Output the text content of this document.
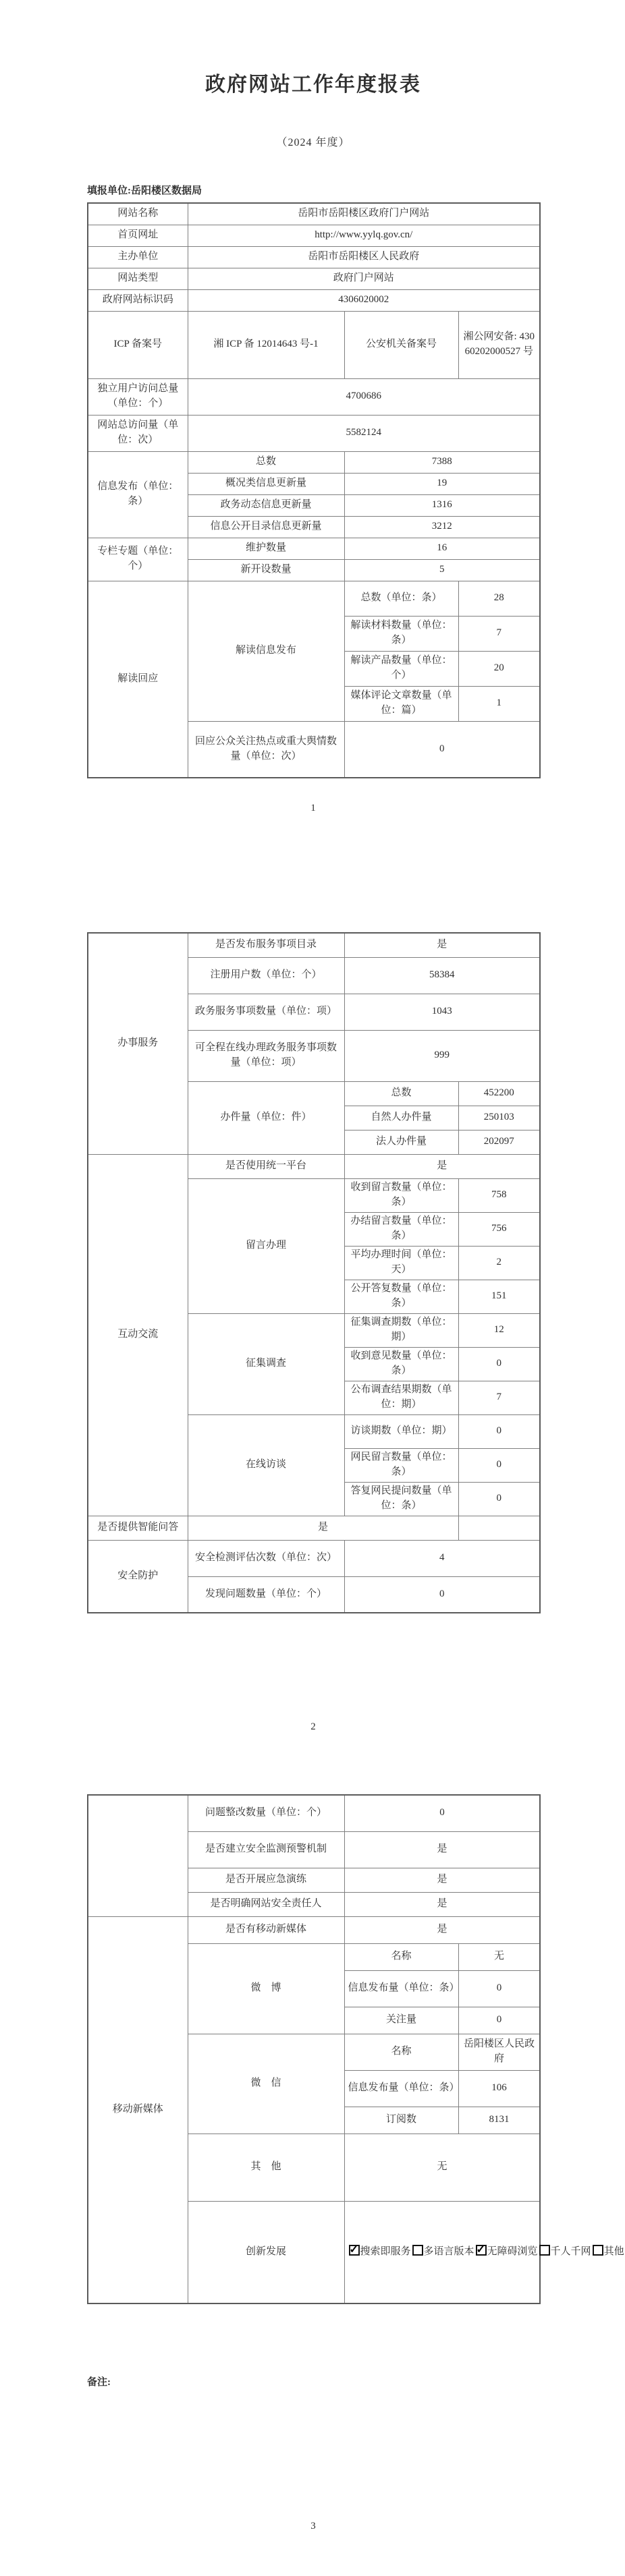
政府网站工作年度报表
（2024 年度）
填报单位:岳阳楼区数据局
网站名称	岳阳市岳阳楼区政府门户网站		
首页网址	http://www.yylq.gov.cn/		
主办单位	岳阳市岳阳楼区人民政府		
网站类型	政府门户网站		
政府网站标识码	4306020002		
ICP 备案号	湘 ICP 备 12014643 号-1	公安机关备案号	湘公网安备: 43060202000527 号
独立用户访问总量（单位：个）	4700686		
网站总访问量（单位：次）	5582124		
信息发布（单位：条）	总数	7388	
	概况类信息更新量	19	
	政务动态信息更新量	1316	
	信息公开目录信息更新量	3212	
专栏专题（单位：个）	维护数量	16	
	新开设数量	5	
解读回应	解读信息发布	总数（单位：条）	28
		解读材料数量（单位：条）	7
		解读产品数量（单位：个）	20
		媒体评论文章数量（单位：篇）	1
	回应公众关注热点或重大舆情数量（单位：次）	0	
1
办事服务	是否发布服务事项目录	是	
	注册用户数（单位：个）	58384	
	政务服务事项数量（单位：项）	1043	
	可全程在线办理政务服务事项数量（单位：项）	999	
	办件量（单位：件）	总数	452200
		自然人办件量	250103
		法人办件量	202097
互动交流	是否使用统一平台	是	
	留言办理	收到留言数量（单位：条）	758
		办结留言数量（单位：条）	756
		平均办理时间（单位：天）	2
		公开答复数量（单位：条）	151
	征集调查	征集调查期数（单位：期）	12
		收到意见数量（单位：条）	0
		公布调查结果期数（单位：期）	7
	在线访谈	访谈期数（单位：期）	0
		网民留言数量（单位：条）	0
		答复网民提问数量（单位：条）	0
是否提供智能问答	是		
安全防护	安全检测评估次数（单位：次）	4	
	发现问题数量（单位：个）	0	
2
	问题整改数量（单位：个）	0	
	是否建立安全监测预警机制	是	
	是否开展应急演练	是	
	是否明确网站安全责任人	是	
移动新媒体	是否有移动新媒体	是	
	微　博	名称	无
		信息发布量（单位：条）	0
		关注量	0
	微　信	名称	岳阳楼区人民政府
		信息发布量（单位：条）	106
		订阅数	8131
	其　他	无	
	创新发展	✓搜索即服务 多语言版本 ✓ 无障碍浏览 千人千网 其他
备注:
3
